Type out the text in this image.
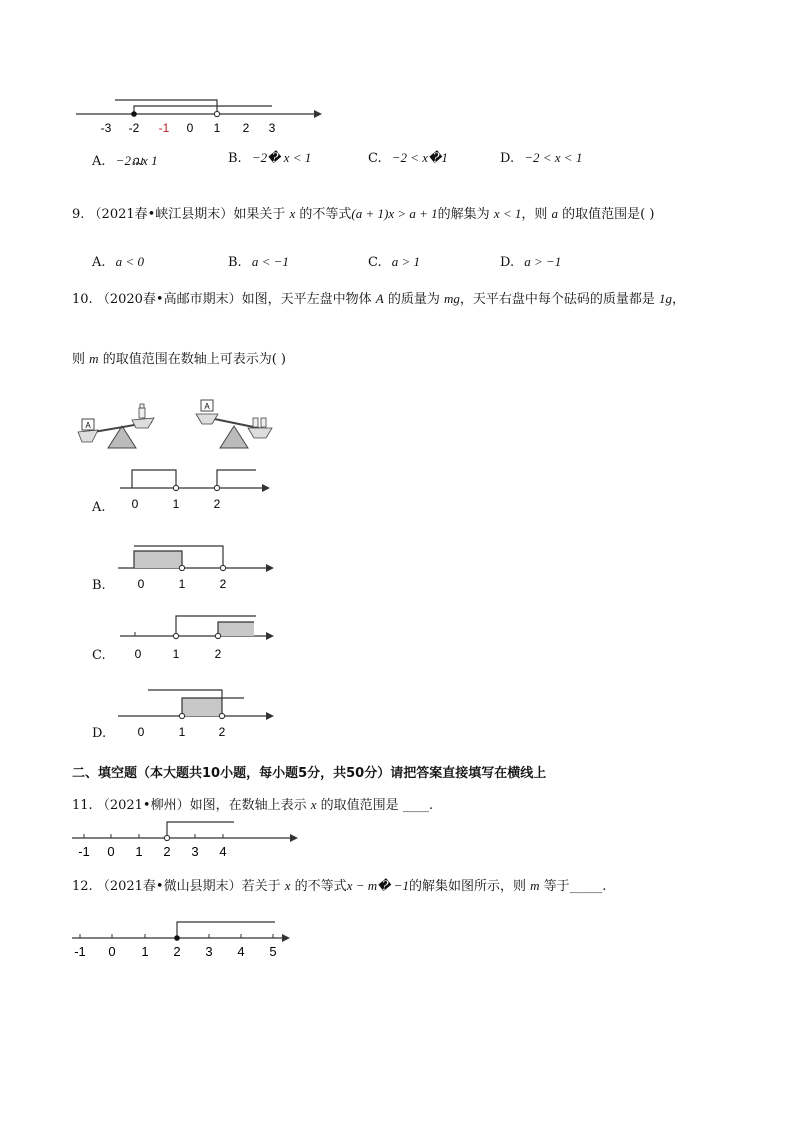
-3 -2 -1 0 1 2 3
A. −2ฌx 1	B. −2� x < 1	C. −2 < x�1	D. −2 < x < 1
9. （2021春•峡江县期末）如果关于 x 的不等式(a + 1)x > a + 1的解集为 x < 1，则 a 的取值范围是( )
A. a < 0	B. a < −1	C. a > 1	D. a > −1
10. （2020春•高邮市期末）如图，天平左盘中物体 A 的质量为 mg，天平右盘中每个砝码的质量都是 1g，
则 m 的取值范围在数轴上可表示为( )
A
A
A. 0	1	2
B.	0	1	2
C. 0	1	2
D.	0	1	2
二、填空题（本大题共10小题，每小题5分，共50分）请把答案直接填写在横线上
11. （2021•柳州）如图，在数轴上表示 x 的取值范围是 ____.
-1 0 1 2 3 4
12. （2021春•微山县期末）若关于 x 的不等式x − m� −1的解集如图所示，则 m 等于_____.
-1 0 1 2 3 4 5
